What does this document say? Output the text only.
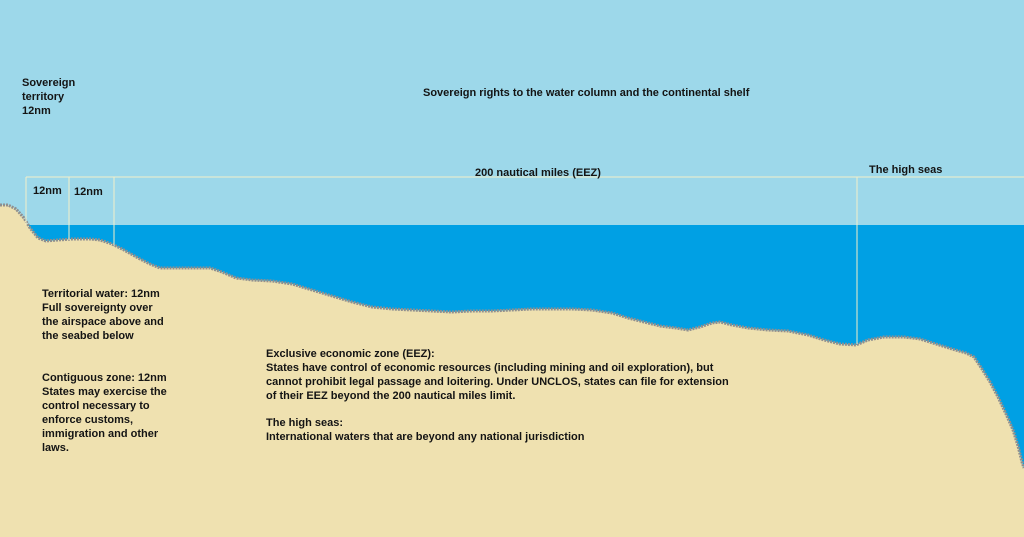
Sovereign
territory
12nm
Sovereign rights to the water column and the continental shelf
200 nautical miles (EEZ)	The high seas
12nm 12nm
Territorial water: 12nm
Full sovereignty over
the airspace above and
the seabed below
Contiguous zone: 12nm
States may exercise the
control necessary to
enforce customs,
immigration and other
laws.
Exclusive economic zone (EEZ):
States have control of economic resources (including mining and oil exploration), but
cannot prohibit legal passage and loitering. Under UNCLOS, states can file for extension
of their EEZ beyond the 200 nautical miles limit.
The high seas:
International waters that are beyond any national jurisdiction
